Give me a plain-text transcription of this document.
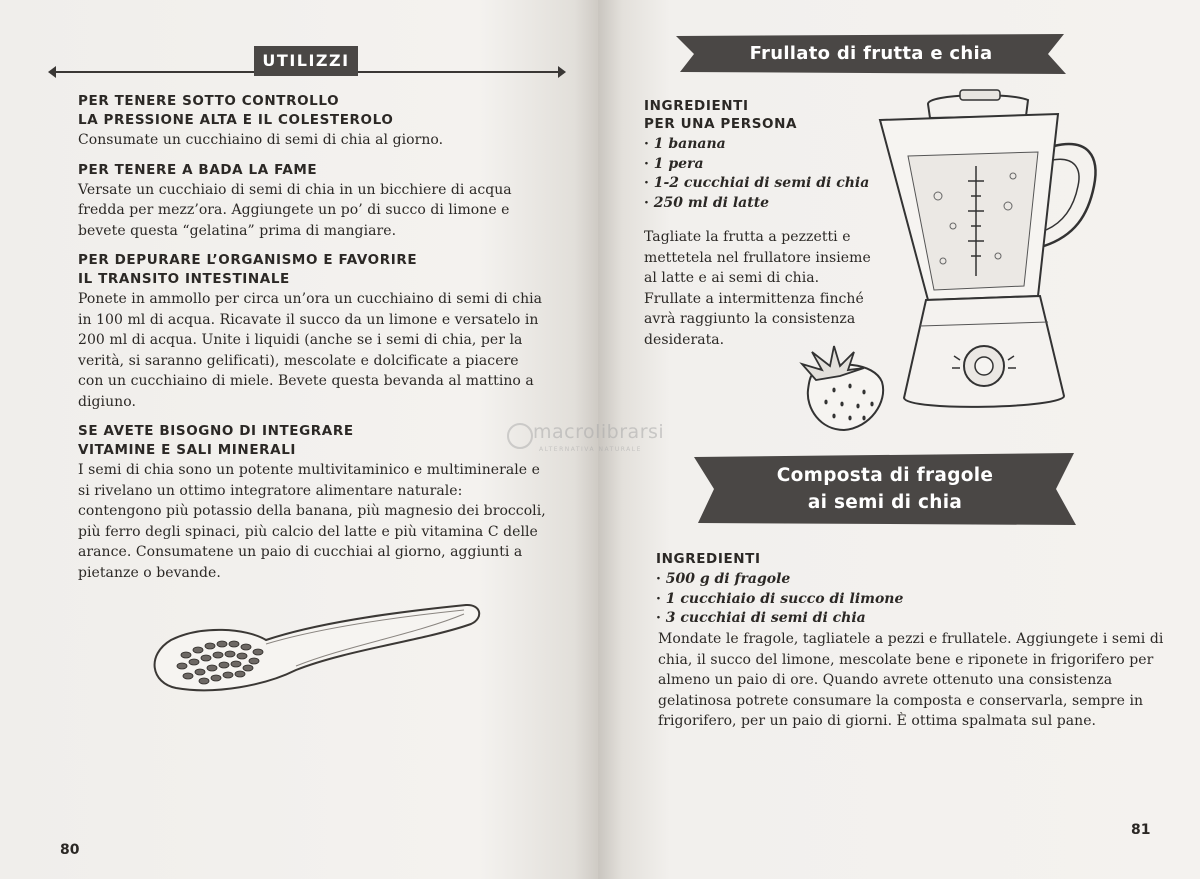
UTILIZZI
PER TENERE SOTTO CONTROLLO
LA PRESSIONE ALTA E IL COLESTEROLO
Consumate un cucchiaino di semi di chia al giorno.
PER TENERE A BADA LA FAME
Versate un cucchiaio di semi di chia in un bicchiere di acqua fredda per mezz’ora. Aggiungete un po’ di succo di limone e bevete questa “gelatina” prima di mangiare.
PER DEPURARE L’ORGANISMO E FAVORIRE
IL TRANSITO INTESTINALE
Ponete in ammollo per circa un’ora un cucchiaino di semi di chia in 100 ml di acqua. Ricavate il succo da un limone e versatelo in 200 ml di acqua. Unite i liquidi (anche se i semi di chia, per la verità, si saranno gelificati), mescolate e dolcificate a piacere con un cucchiaino di miele. Bevete questa bevanda al mattino a digiuno.
SE AVETE BISOGNO DI INTEGRARE
VITAMINE E SALI MINERALI
I semi di chia sono un potente multivitaminico e multiminerale e si rivelano un ottimo integratore alimentare naturale: contengono più potassio della banana, più magnesio dei broccoli, più ferro degli spinaci, più calcio del latte e più vitamina C delle arance. Consumatene un paio di cucchiai al giorno, aggiunti a pietanze o bevande.
80
Frullato di frutta e chia
INGREDIENTI
PER UNA PERSONA
· 1 banana
· 1 pera
· 1-2 cucchiai di semi di chia
· 250 ml di latte
Tagliate la frutta a pezzetti e mettetela nel frullatore insieme al latte e ai semi di chia. Frullate a intermittenza finché avrà raggiunto la consistenza desiderata.
Composta di fragole
ai semi di chia
INGREDIENTI
· 500 g di fragole
· 1 cucchiaio di succo di limone
· 3 cucchiai di semi di chia
Mondate le fragole, tagliatele a pezzi e frullatele. Aggiungete i semi di chia, il succo del limone, mescolate bene e riponete in frigorifero per almeno un paio di ore. Quando avrete ottenuto una consistenza gelatinosa potrete consumare la composta e conservarla, sempre in frigorifero, per un paio di giorni. È ottima spalmata sul pane.
81
macrolibrarsi
ALTERNATIVA NATURALE
